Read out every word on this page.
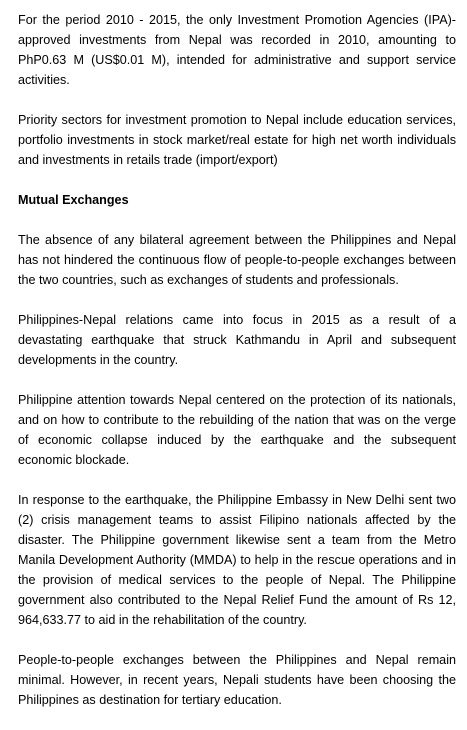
For the period 2010 - 2015, the only Investment Promotion Agencies (IPA)-approved investments from Nepal was recorded in 2010, amounting to PhP0.63 M (US$0.01 M), intended for administrative and support service activities.

Priority sectors for investment promotion to Nepal include education services, portfolio investments in stock market/real estate for high net worth individuals and investments in retails trade (import/export)

Mutual Exchanges

The absence of any bilateral agreement between the Philippines and Nepal has not hindered the continuous flow of people-to-people exchanges between the two countries, such as exchanges of students and professionals.

Philippines-Nepal relations came into focus in 2015 as a result of a devastating earthquake that struck Kathmandu in April and subsequent developments in the country.

Philippine attention towards Nepal centered on the protection of its nationals, and on how to contribute to the rebuilding of the nation that was on the verge of economic collapse induced by the earthquake and the subsequent economic blockade.

In response to the earthquake, the Philippine Embassy in New Delhi sent two (2) crisis management teams to assist Filipino nationals affected by the disaster. The Philippine government likewise sent a team from the Metro Manila Development Authority (MMDA) to help in the rescue operations and in the provision of medical services to the people of Nepal. The Philippine government also contributed to the Nepal Relief Fund the amount of Rs 12, 964,633.77 to aid in the rehabilitation of the country.

People-to-people exchanges between the Philippines and Nepal remain minimal. However, in recent years, Nepali students have been choosing the Philippines as destination for tertiary education.
